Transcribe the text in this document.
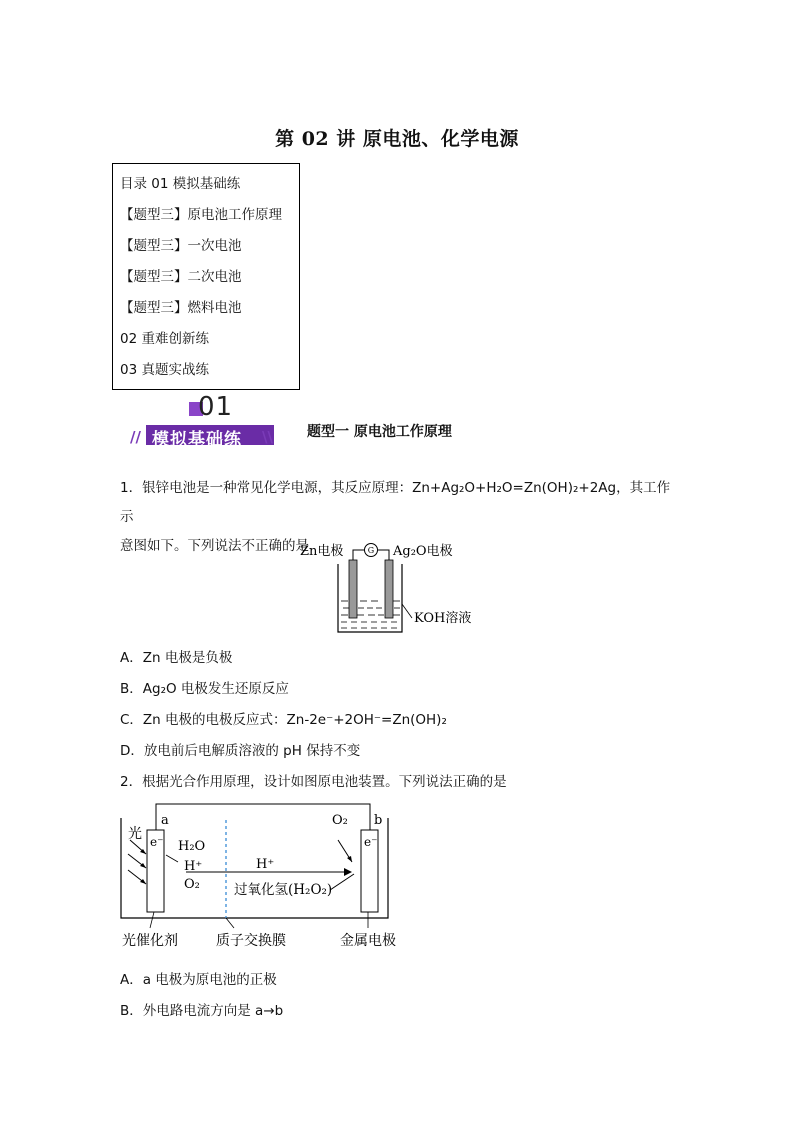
第 02 讲 原电池、化学电源
目录 01 模拟基础练
【题型三】原电池工作原理
【题型三】一次电池
【题型三】二次电池
【题型三】燃料电池
02 重难创新练
03 真题实战练
01
模拟基础练
//	\\ 题型一 原电池工作原理
1．银锌电池是一种常见化学电源，其反应原理：Zn+Ag₂O+H₂O=Zn(OH)₂+2Ag，其工作示
意图如下。下列说法不正确的是	G
Zn电极	Ag₂O电极
KOH溶液
A．Zn 电极是负极
B．Ag₂O 电极发生还原反应
C．Zn 电极的电极反应式：Zn-2e⁻+2OH⁻=Zn(OH)₂
D．放电前后电解质溶液的 pH 保持不变
2．根据光合作用原理，设计如图原电池装置。下列说法正确的是
a	b
光 e⁻	e⁻
H₂O
H⁺
O₂
O₂
H⁺
过氧化氢(H₂O₂)
光催化剂	质子交换膜	金属电极
A．a 电极为原电池的正极
B．外电路电流方向是 a→b
